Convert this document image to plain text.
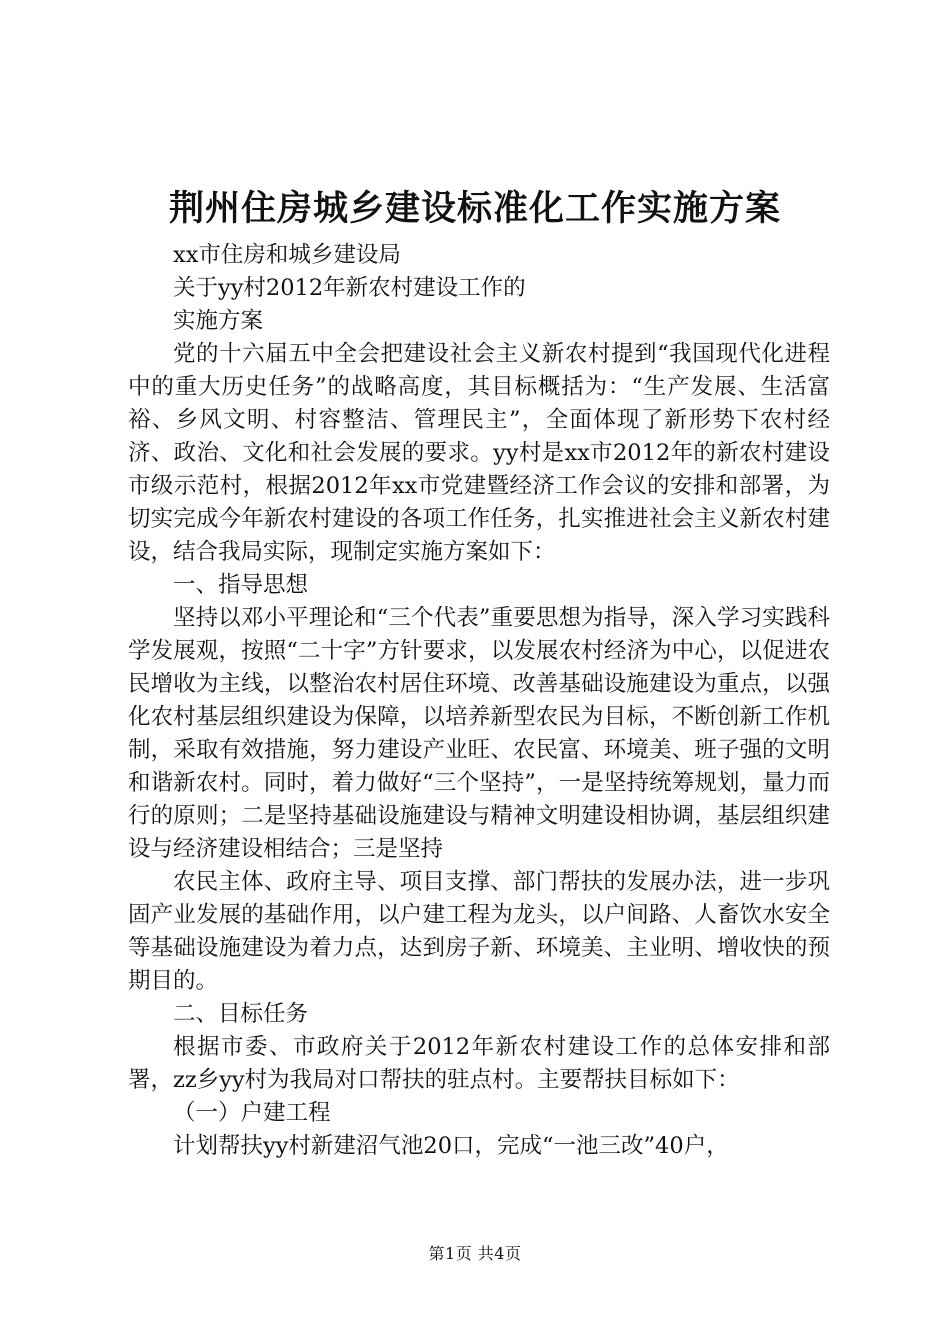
荆州住房城乡建设标准化工作实施方案

xx市住房和城乡建设局

关于yy村2012年新农村建设工作的

实施方案

党的十六届五中全会把建设社会主义新农村提到“我国现代化进程中的重大历史任务”的战略高度，其目标概括为：“生产发展、生活富裕、乡风文明、村容整洁、管理民主”，全面体现了新形势下农村经济、政治、文化和社会发展的要求。yy村是xx市2012年的新农村建设市级示范村，根据2012年xx市党建暨经济工作会议的安排和部署，为切实完成今年新农村建设的各项工作任务，扎实推进社会主义新农村建设，结合我局实际，现制定实施方案如下：

一、指导思想

坚持以邓小平理论和“三个代表”重要思想为指导，深入学习实践科学发展观，按照“二十字”方针要求，以发展农村经济为中心，以促进农民增收为主线，以整治农村居住环境、改善基础设施建设为重点，以强化农村基层组织建设为保障，以培养新型农民为目标，不断创新工作机制，采取有效措施，努力建设产业旺、农民富、环境美、班子强的文明和谐新农村。同时，着力做好“三个坚持”，一是坚持统筹规划，量力而行的原则；二是坚持基础设施建设与精神文明建设相协调，基层组织建设与经济建设相结合；三是坚持

农民主体、政府主导、项目支撑、部门帮扶的发展办法，进一步巩固产业发展的基础作用，以户建工程为龙头，以户间路、人畜饮水安全等基础设施建设为着力点，达到房子新、环境美、主业明、增收快的预期目的。

二、目标任务

根据市委、市政府关于2012年新农村建设工作的总体安排和部署，zz乡yy村为我局对口帮扶的驻点村。主要帮扶目标如下：

（一）户建工程

计划帮扶yy村新建沼气池20口，完成“一池三改”40户，

第1页 共4页
